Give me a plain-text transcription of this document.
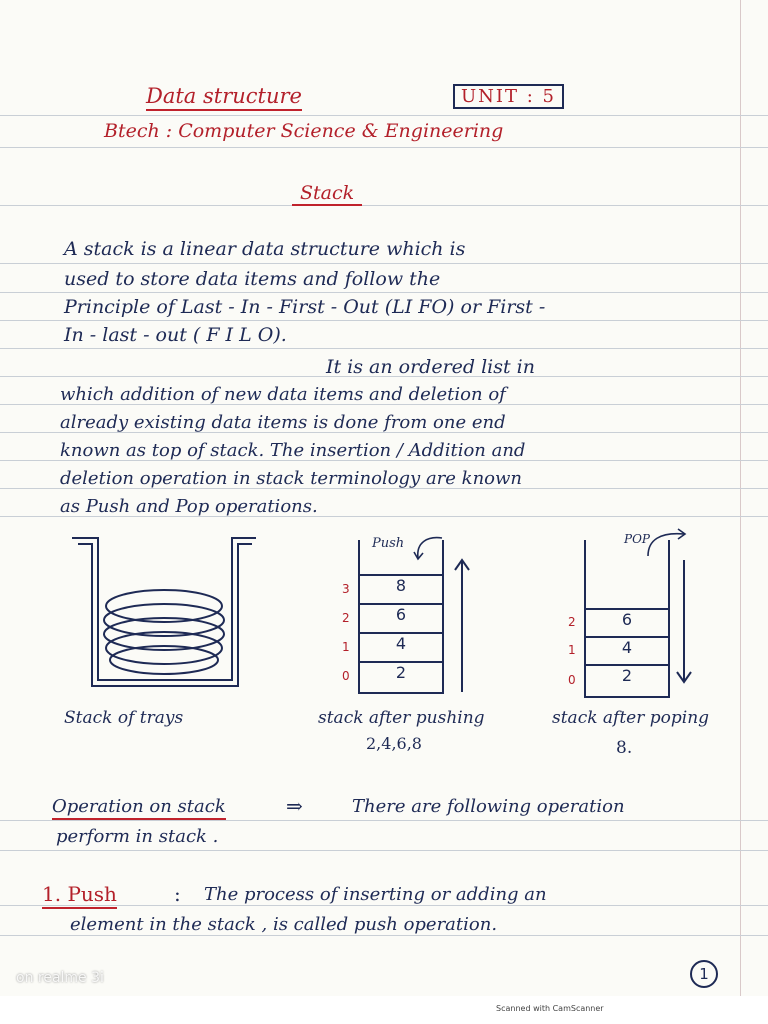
Data structure	UNIT : 5
Btech : Computer Science & Engineering
Stack
A stack is a linear data structure which is
used to store data items and follow the
Principle of Last - In - First - Out (LI FO) or First -
In - last - out ( F I L O).
It is an ordered list in
which addition of new data items and deletion of
already existing data items is done from one end
known as top of stack. The insertion / Addition and
deletion operation in stack terminology are known
as Push and Pop operations.
Stack of trays
Push
8
6
4
2
3
2
1
0
stack after pushing
2,4,6,8
POP
6
4
2
2
1
0
stack after poping
8.
Operation on stack	⇒	There are following operation
perform in stack .
1. Push	: The process of inserting or adding an
element in the stack , is called push operation.
1
on realme 3i
Scanned with CamScanner
